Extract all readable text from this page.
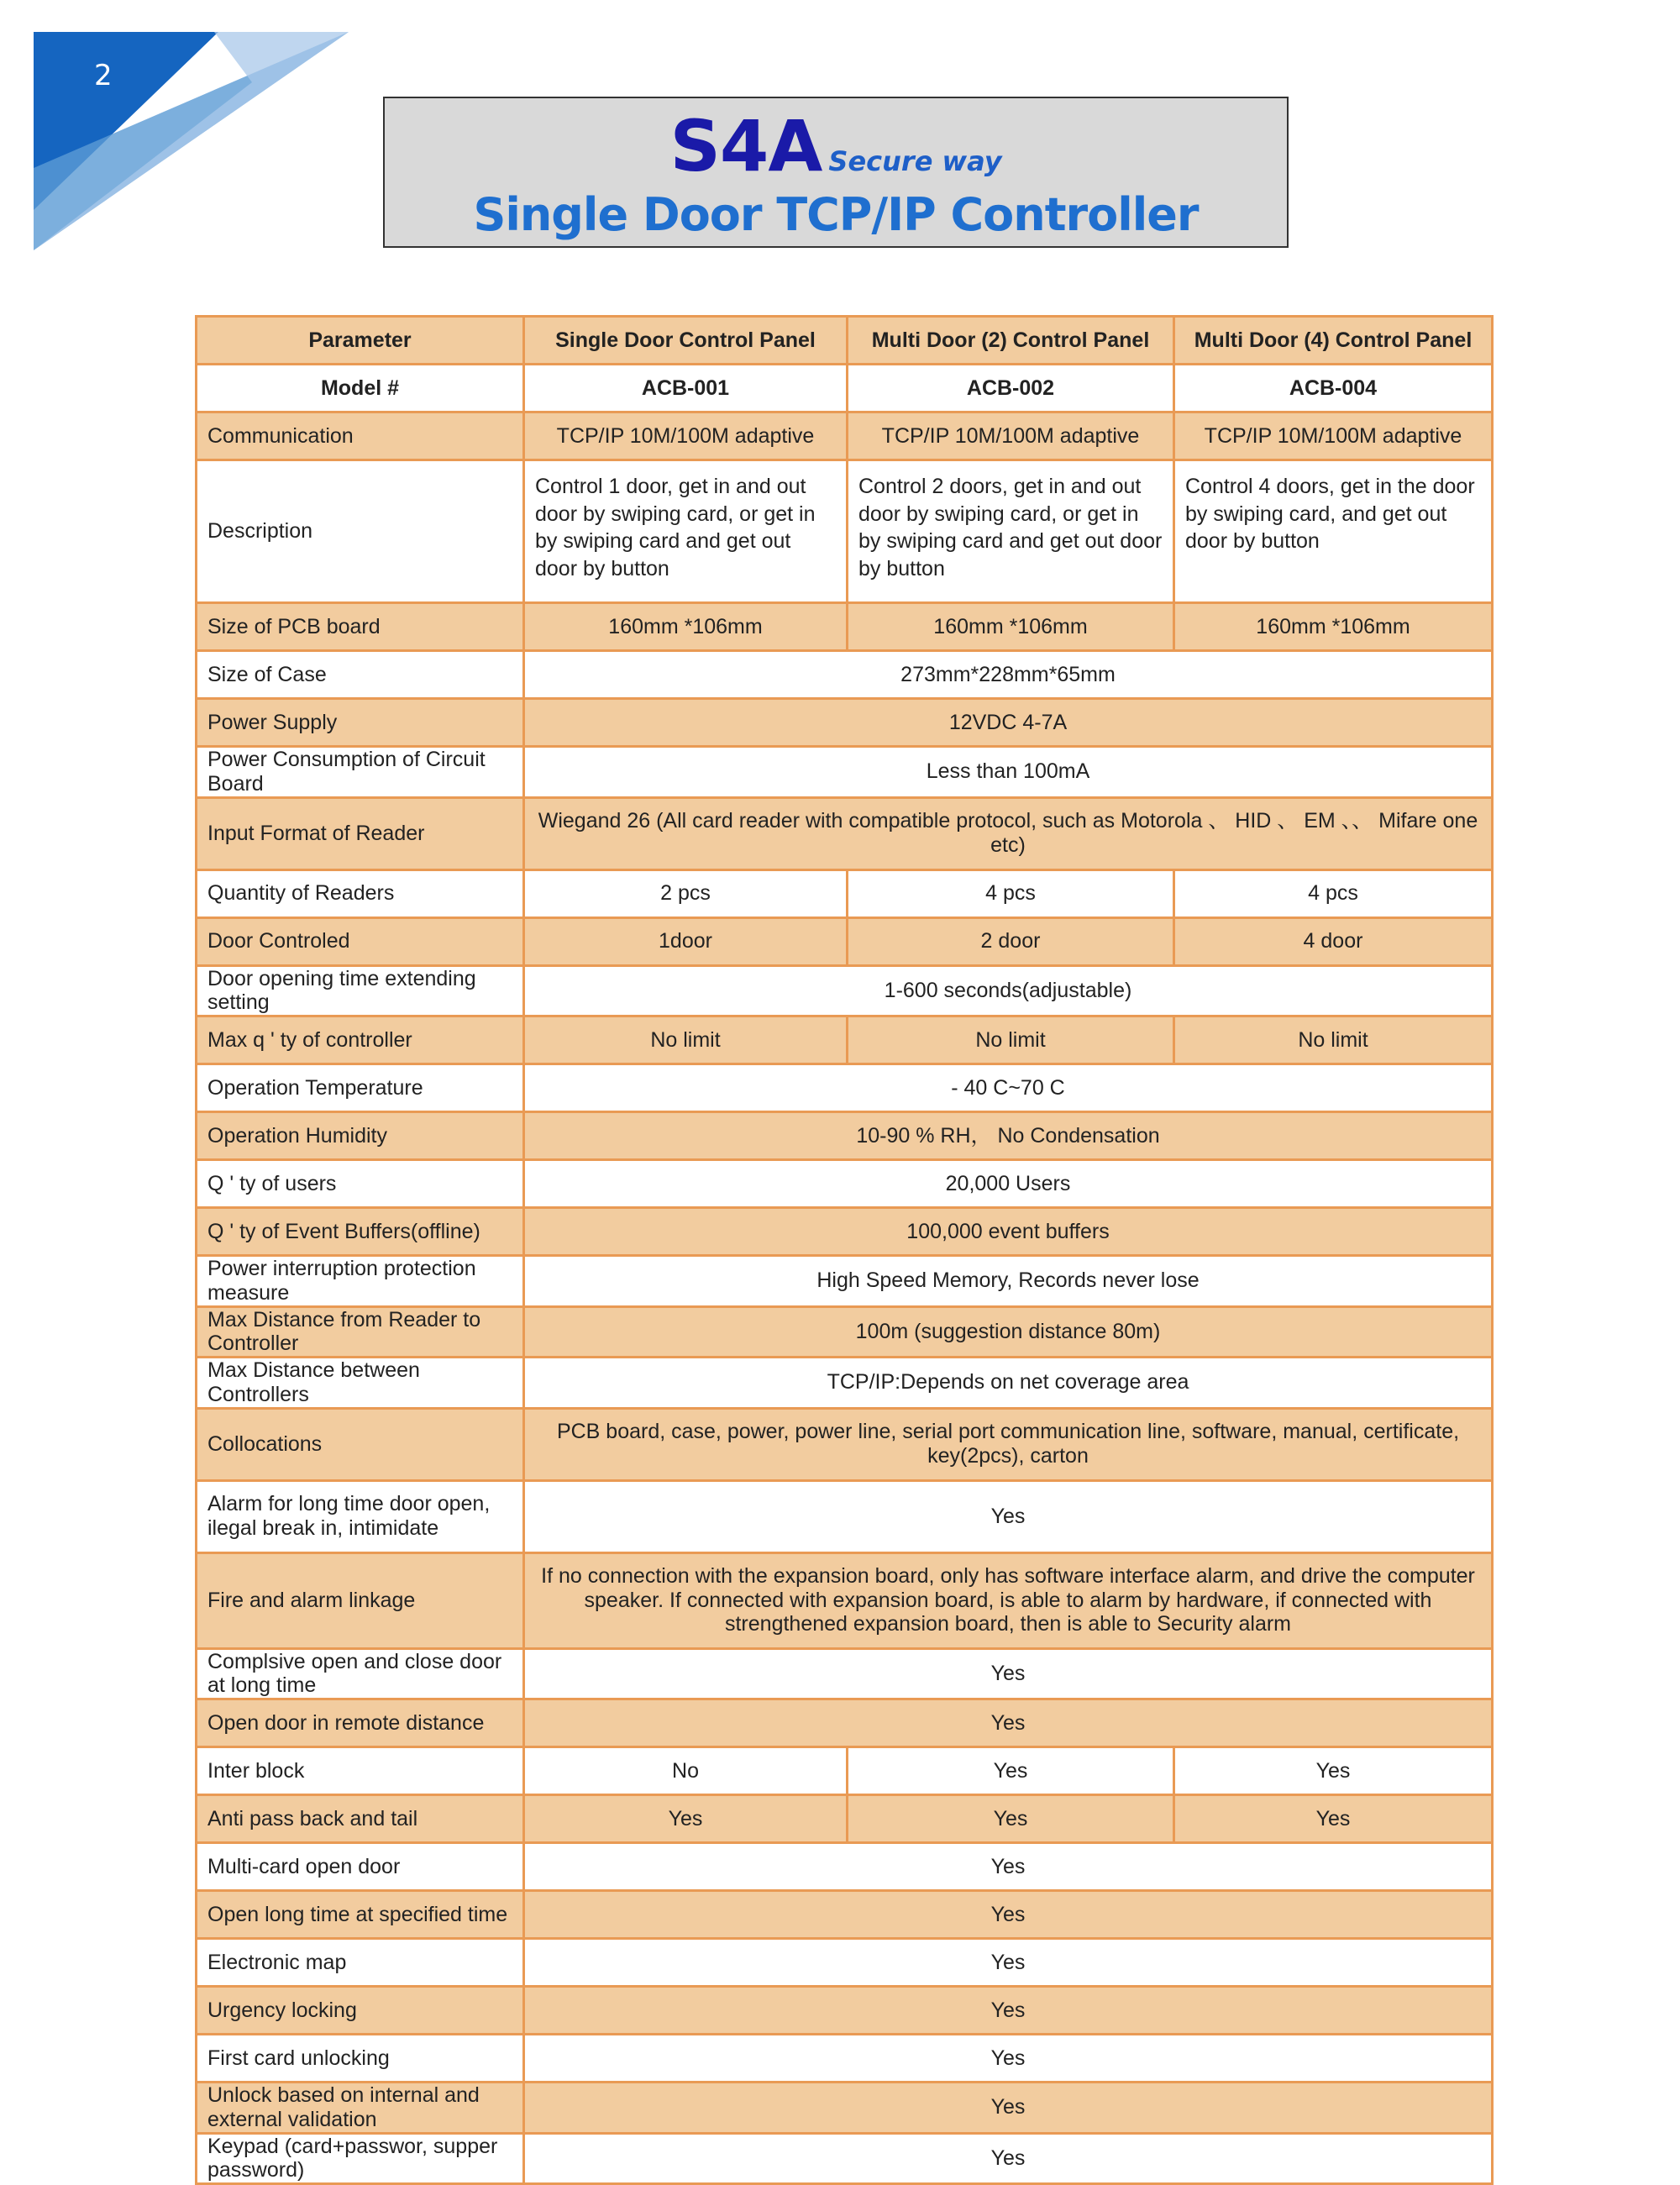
2
S4A Secure way
Single Door TCP/IP Controller
Parameter	Single Door Control Panel	Multi Door (2) Control Panel	Multi Door (4) Control Panel
Model #	ACB-001	ACB-002	ACB-004
Communication	TCP/IP 10M/100M adaptive	TCP/IP 10M/100M adaptive	TCP/IP 10M/100M adaptive
Description	Control 1 door, get in and out door by swiping card, or get in by swiping card and get out door by button	Control 2 doors, get in and out door by swiping card, or get in by swiping card and get out door by button	Control 4 doors, get in the door by swiping card, and get out door by button
Size of PCB board	160mm *106mm	160mm *106mm	160mm *106mm
Size of Case	273mm*228mm*65mm		
Power Supply	12VDC 4-7A		
Power Consumption of Circuit Board	Less than 100mA		
Input Format of Reader	Wiegand 26 (All card reader with compatible protocol, such as Motorola 、 HID 、 EM 、、 Mifare one etc)		
Quantity of Readers	2 pcs	4 pcs	4 pcs
Door Controled	1door	2 door	4 door
Door opening time extending setting	1-600 seconds(adjustable)		
Max q ' ty of controller	No limit	No limit	No limit
Operation Temperature	- 40 C~70 C		
Operation Humidity	10-90 % RH， No Condensation		
Q ' ty of users	20,000 Users		
Q ' ty of Event Buffers(offline)	100,000 event buffers		
Power interruption protection measure	High Speed Memory, Records never lose		
Max Distance from Reader to Controller	100m (suggestion distance 80m)		
Max Distance between Controllers	TCP/IP:Depends on net coverage area		
Collocations	PCB board, case, power, power line, serial port communication line, software, manual, certificate, key(2pcs), carton		
Alarm for long time door open, ilegal break in, intimidate	Yes		
Fire and alarm linkage	If no connection with the expansion board, only has software interface alarm, and drive the computer speaker. If connected with expansion board, is able to alarm by hardware, if connected with strengthened expansion board, then is able to Security alarm		
Complsive open and close door at long time	Yes		
Open door in remote distance	Yes		
Inter block	No	Yes	Yes
Anti pass back and tail	Yes	Yes	Yes
Multi-card open door	Yes		
Open long time at specified time	Yes		
Electronic map	Yes		
Urgency locking	Yes		
First card unlocking	Yes		
Unlock based on internal and external validation	Yes		
Keypad (card+passwor, supper password)	Yes		
